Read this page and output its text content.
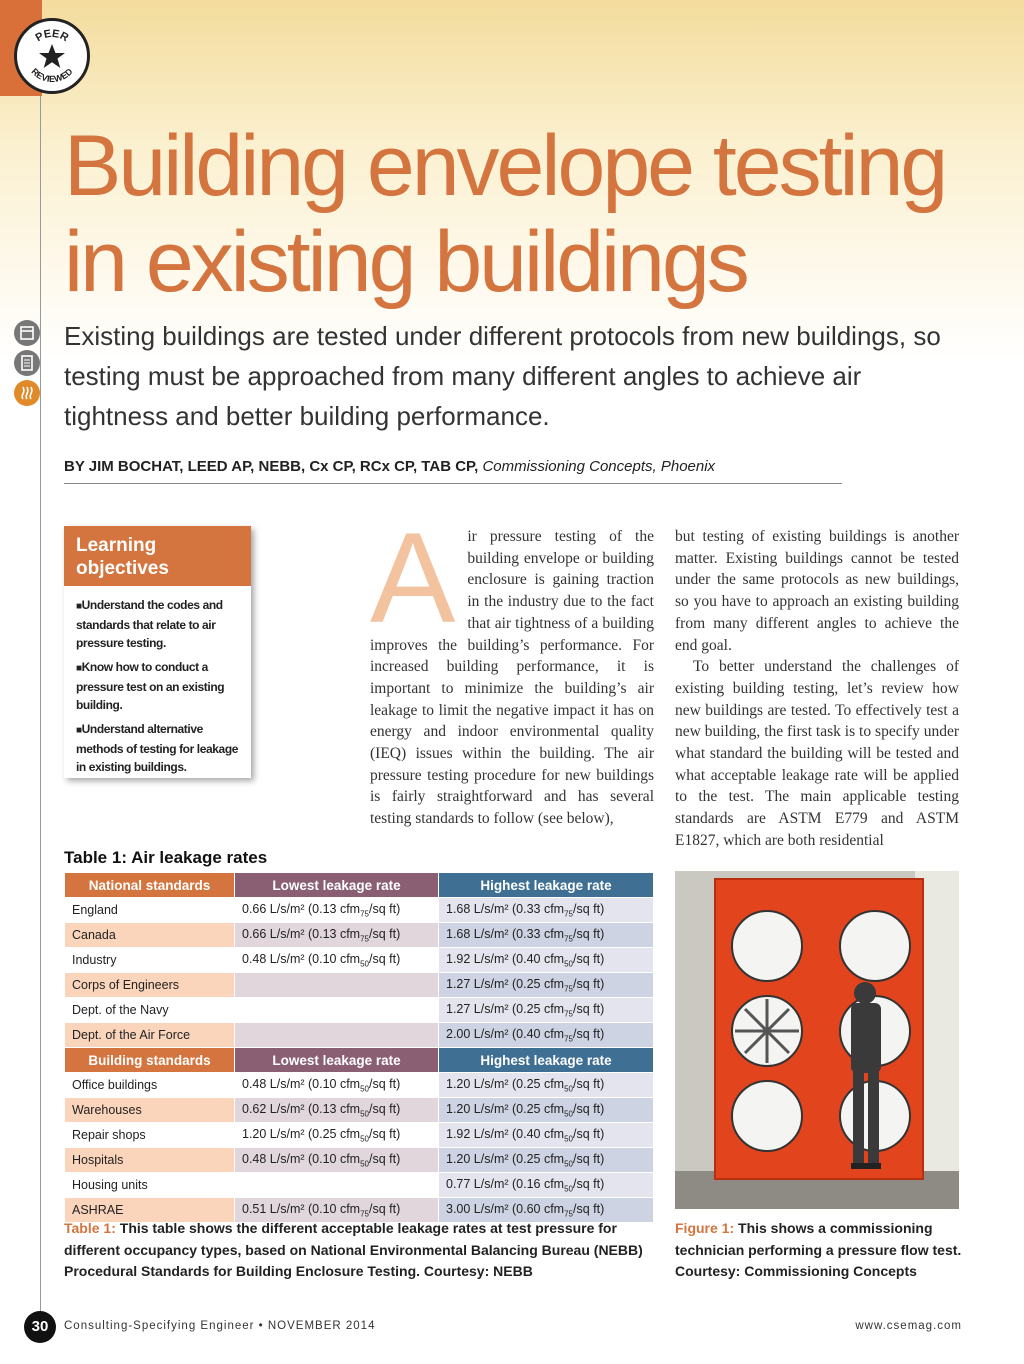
PEER
REVIEWED
Building envelope testing in existing buildings

Existing buildings are tested under different protocols from new buildings, so testing must be approached from many different angles to achieve air tightness and better building performance.

BY JIM BOCHAT, LEED AP, NEBB, Cx CP, RCx CP, TAB CP, Commissioning Concepts, Phoenix
Learning objectives
■ Understand the codes and standards that relate to air pressure testing.
■ Know how to conduct a pressure test on an existing building.
■ Understand alternative methods of testing for leakage in existing buildings.
A ir pressure testing of the building envelope or building enclosure is gaining traction in the industry due to the fact that air tightness of a building improves the building’s performance. For increased building performance, it is important to minimize the building’s air leakage to limit the negative impact it has on energy and indoor environmental quality (IEQ) issues within the building. The air pressure testing procedure for new buildings is fairly straightforward and has several testing standards to follow (see below),

but testing of existing buildings is another matter. Existing buildings cannot be tested under the same protocols as new buildings, so you have to approach an existing building from many different angles to achieve the end goal.

To better understand the challenges of existing building testing, let’s review how new buildings are tested. To effectively test a new building, the first task is to specify under what standard the building will be tested and what acceptable leakage rate will be applied to the test. The main applicable testing standards are ASTM E779 and ASTM E1827, which are both residential

Table 1: Air leakage rates
National standards	Lowest leakage rate	Highest leakage rate
England	0.66 L/s/m² (0.13 cfm$_{75}$/sq ft)	1.68 L/s/m² (0.33 cfm$_{75}$/sq ft)
Canada	0.66 L/s/m² (0.13 cfm$_{75}$/sq ft)	1.68 L/s/m² (0.33 cfm$_{75}$/sq ft)
Industry	0.48 L/s/m² (0.10 cfm$_{50}$/sq ft)	1.92 L/s/m² (0.40 cfm$_{50}$/sq ft)
Corps of Engineers		1.27 L/s/m² (0.25 cfm$_{75}$/sq ft)
Dept. of the Navy		1.27 L/s/m² (0.25 cfm$_{75}$/sq ft)
Dept. of the Air Force		2.00 L/s/m² (0.40 cfm$_{75}$/sq ft)
Building standards	Lowest leakage rate	Highest leakage rate
Office buildings	0.48 L/s/m² (0.10 cfm$_{50}$/sq ft)	1.20 L/s/m² (0.25 cfm$_{50}$/sq ft)
Warehouses	0.62 L/s/m² (0.13 cfm$_{50}$/sq ft)	1.20 L/s/m² (0.25 cfm$_{50}$/sq ft)
Repair shops	1.20 L/s/m² (0.25 cfm$_{50}$/sq ft)	1.92 L/s/m² (0.40 cfm$_{50}$/sq ft)
Hospitals	0.48 L/s/m² (0.10 cfm$_{50}$/sq ft)	1.20 L/s/m² (0.25 cfm$_{50}$/sq ft)
Housing units		0.77 L/s/m² (0.16 cfm$_{50}$/sq ft)
ASHRAE	0.51 L/s/m² (0.10 cfm$_{75}$/sq ft)	3.00 L/s/m² (0.60 cfm$_{75}$/sq ft)
Table 1: This table shows the different acceptable leakage rates at test pressure for different occupancy types, based on National Environmental Balancing Bureau (NEBB) Procedural Standards for Building Enclosure Testing. Courtesy: NEBB
Figure 1: This shows a commissioning technician performing a pressure flow test. Courtesy: Commissioning Concepts
30	Consulting-Specifying Engineer • NOVEMBER 2014	www.csemag.com
